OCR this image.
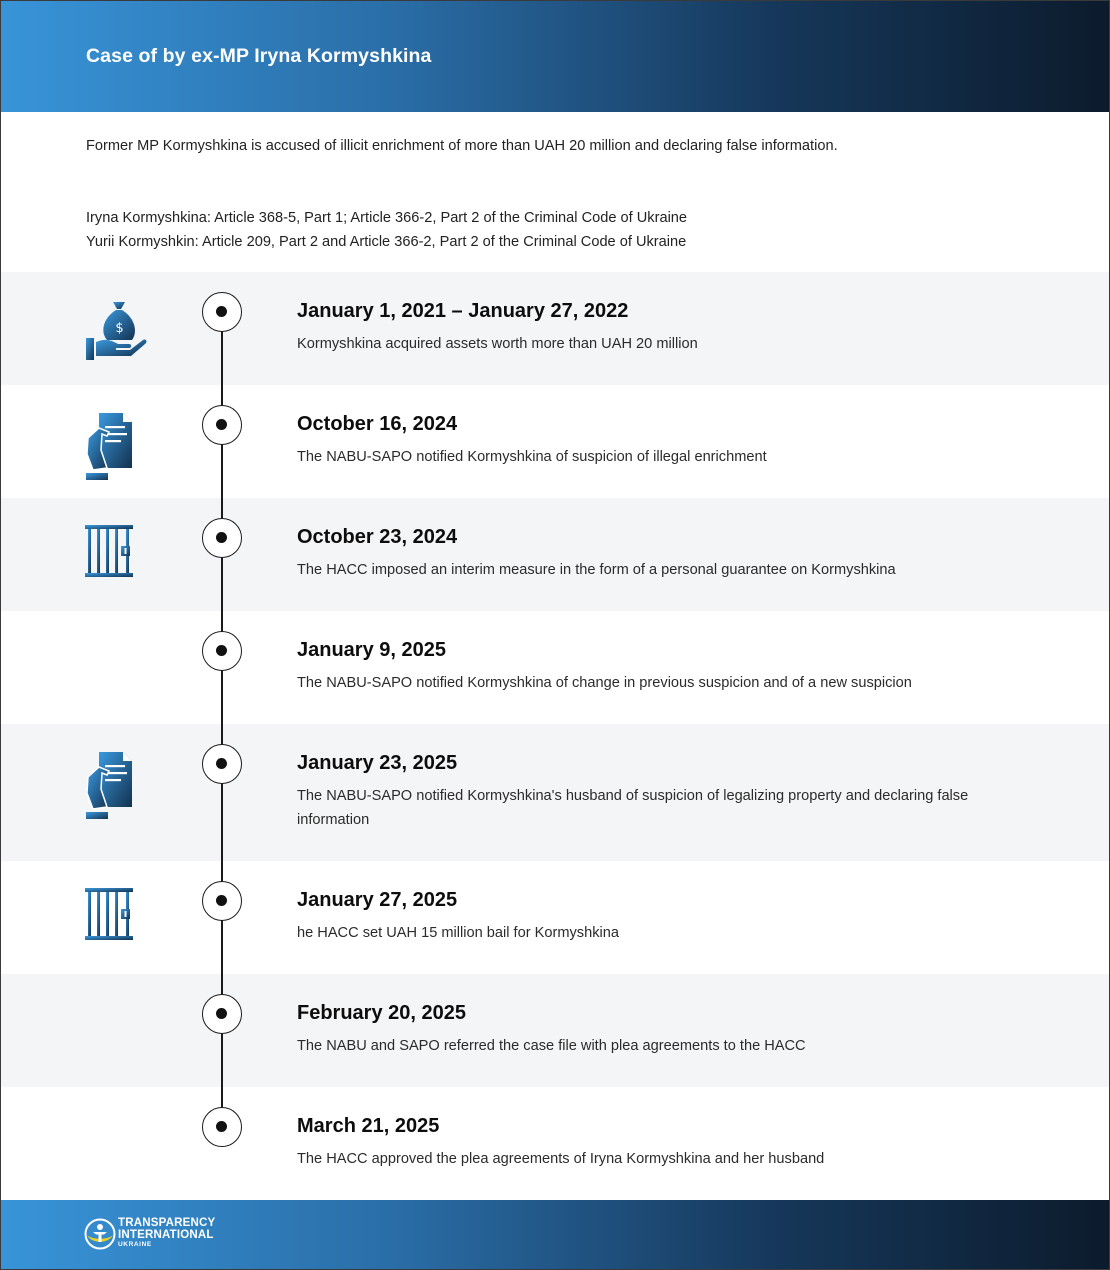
Case of by ex-MP Iryna Kormyshkina
Former MP Kormyshkina is accused of illicit enrichment of more than UAH 20 million and declaring false information.
Iryna Kormyshkina: Article 368-5, Part 1; Article 366-2, Part 2 of the Criminal Code of Ukraine
Yurii Kormyshkin: Article 209, Part 2 and Article 366-2, Part 2 of the Criminal Code of Ukraine
January 1, 2021 – January 27, 2022
Kormyshkina acquired assets worth more than UAH 20 million
October 16, 2024
The NABU-SAPO notified Kormyshkina of suspicion of illegal enrichment
October 23, 2024
The HACC imposed an interim measure in the form of a personal guarantee on Kormyshkina
January 9, 2025
The NABU-SAPO notified Kormyshkina of change in previous suspicion and of a new suspicion
January 23, 2025
The NABU-SAPO notified Kormyshkina's husband of suspicion of legalizing property and declaring false information
January 27, 2025
he HACC set UAH 15 million bail for Kormyshkina
February 20, 2025
The NABU and SAPO referred the case file with plea agreements to the HACC
March 21, 2025
The HACC approved the plea agreements of Iryna Kormyshkina and her husband
$
TRANSPARENCY
INTERNATIONAL
UKRAINE
